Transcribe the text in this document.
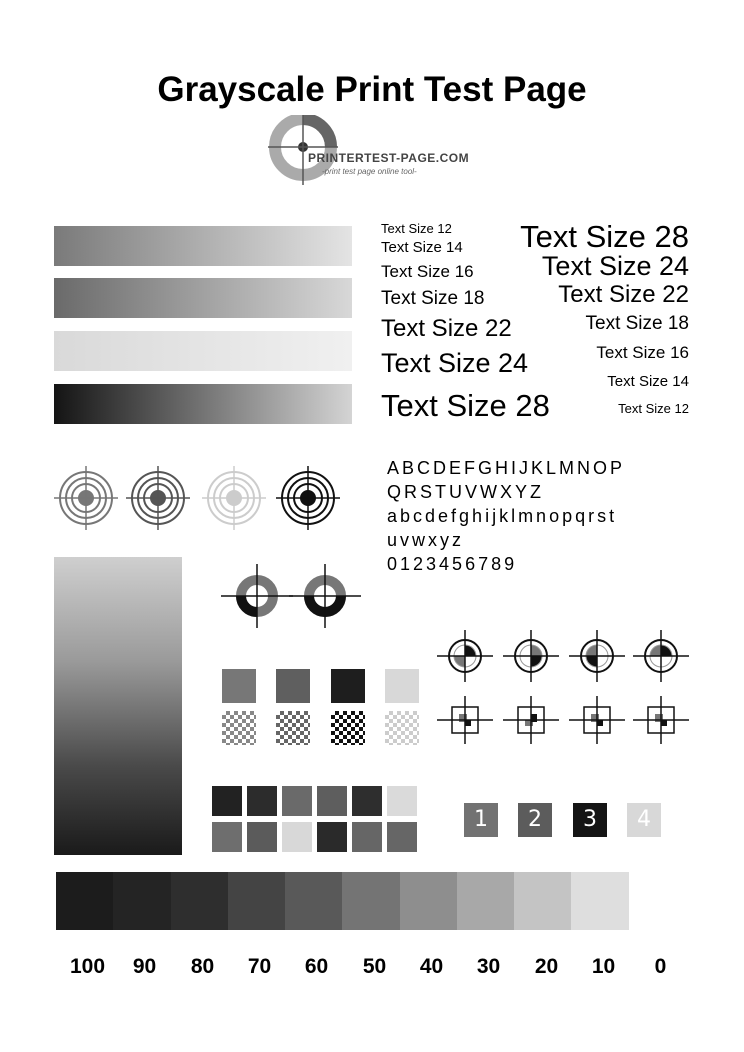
Grayscale Print Test Page
PRINTERTEST-PAGE.COM
-print test page online tool-
Text Size 12
Text Size 14
Text Size 16
Text Size 18
Text Size 22
Text Size 24
Text Size 28
Text Size 28
Text Size 24
Text Size 22
Text Size 18
Text Size 16
Text Size 14
Text Size 12
ABCDEFGHIJKLMNOP
QRSTUVWXYZ
abcdefghijklmnopqrst
uvwxyz
0123456789
1	2	3	4
100	90	80	70	60	50	40	30	20	10	0
